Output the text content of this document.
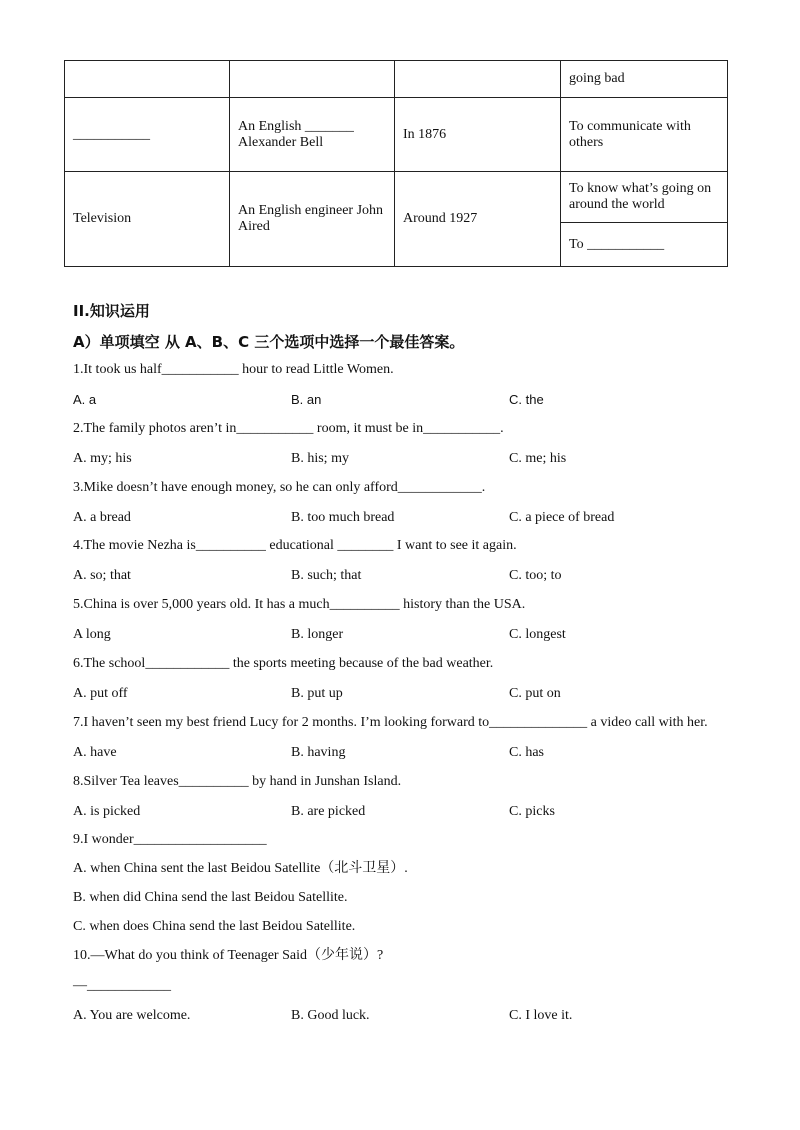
			going bad
___________	An English _______ Alexander Bell	In 1876	To communicate with others
Television	An English engineer John Aired	Around 1927	To know what’s going on around the world
			To ___________
II.知识运用
A）单项填空 从 A、B、C 三个选项中选择一个最佳答案。
1.It took us half___________ hour to read Little Women.
A. a	B. an	C. the
2.The family photos aren’t in___________ room, it must be in___________.
A. my; his	B. his; my	C. me; his
3.Mike doesn’t have enough money, so he can only afford____________.
A. a bread	B. too much bread	C. a piece of bread
4.The movie Nezha is__________ educational ________ I want to see it again.
A. so; that	B. such; that	C. too; to
5.China is over 5,000 years old. It has a much__________ history than the USA.
A long	B. longer	C. longest
6.The school____________ the sports meeting because of the bad weather.
A. put off	B. put up	C. put on
7.I haven’t seen my best friend Lucy for 2 months. I’m looking forward to______________ a video call with her.
A. have	B. having	C. has
8.Silver Tea leaves__________ by hand in Junshan Island.
A. is picked	B. are picked	C. picks
9.I wonder___________________
A. when China sent the last Beidou Satellite（北斗卫星）.
B. when did China send the last Beidou Satellite.
C. when does China send the last Beidou Satellite.
10.—What do you think of Teenager Said（少年说）?
—____________
A. You are welcome.	B. Good luck.	C. I love it.
